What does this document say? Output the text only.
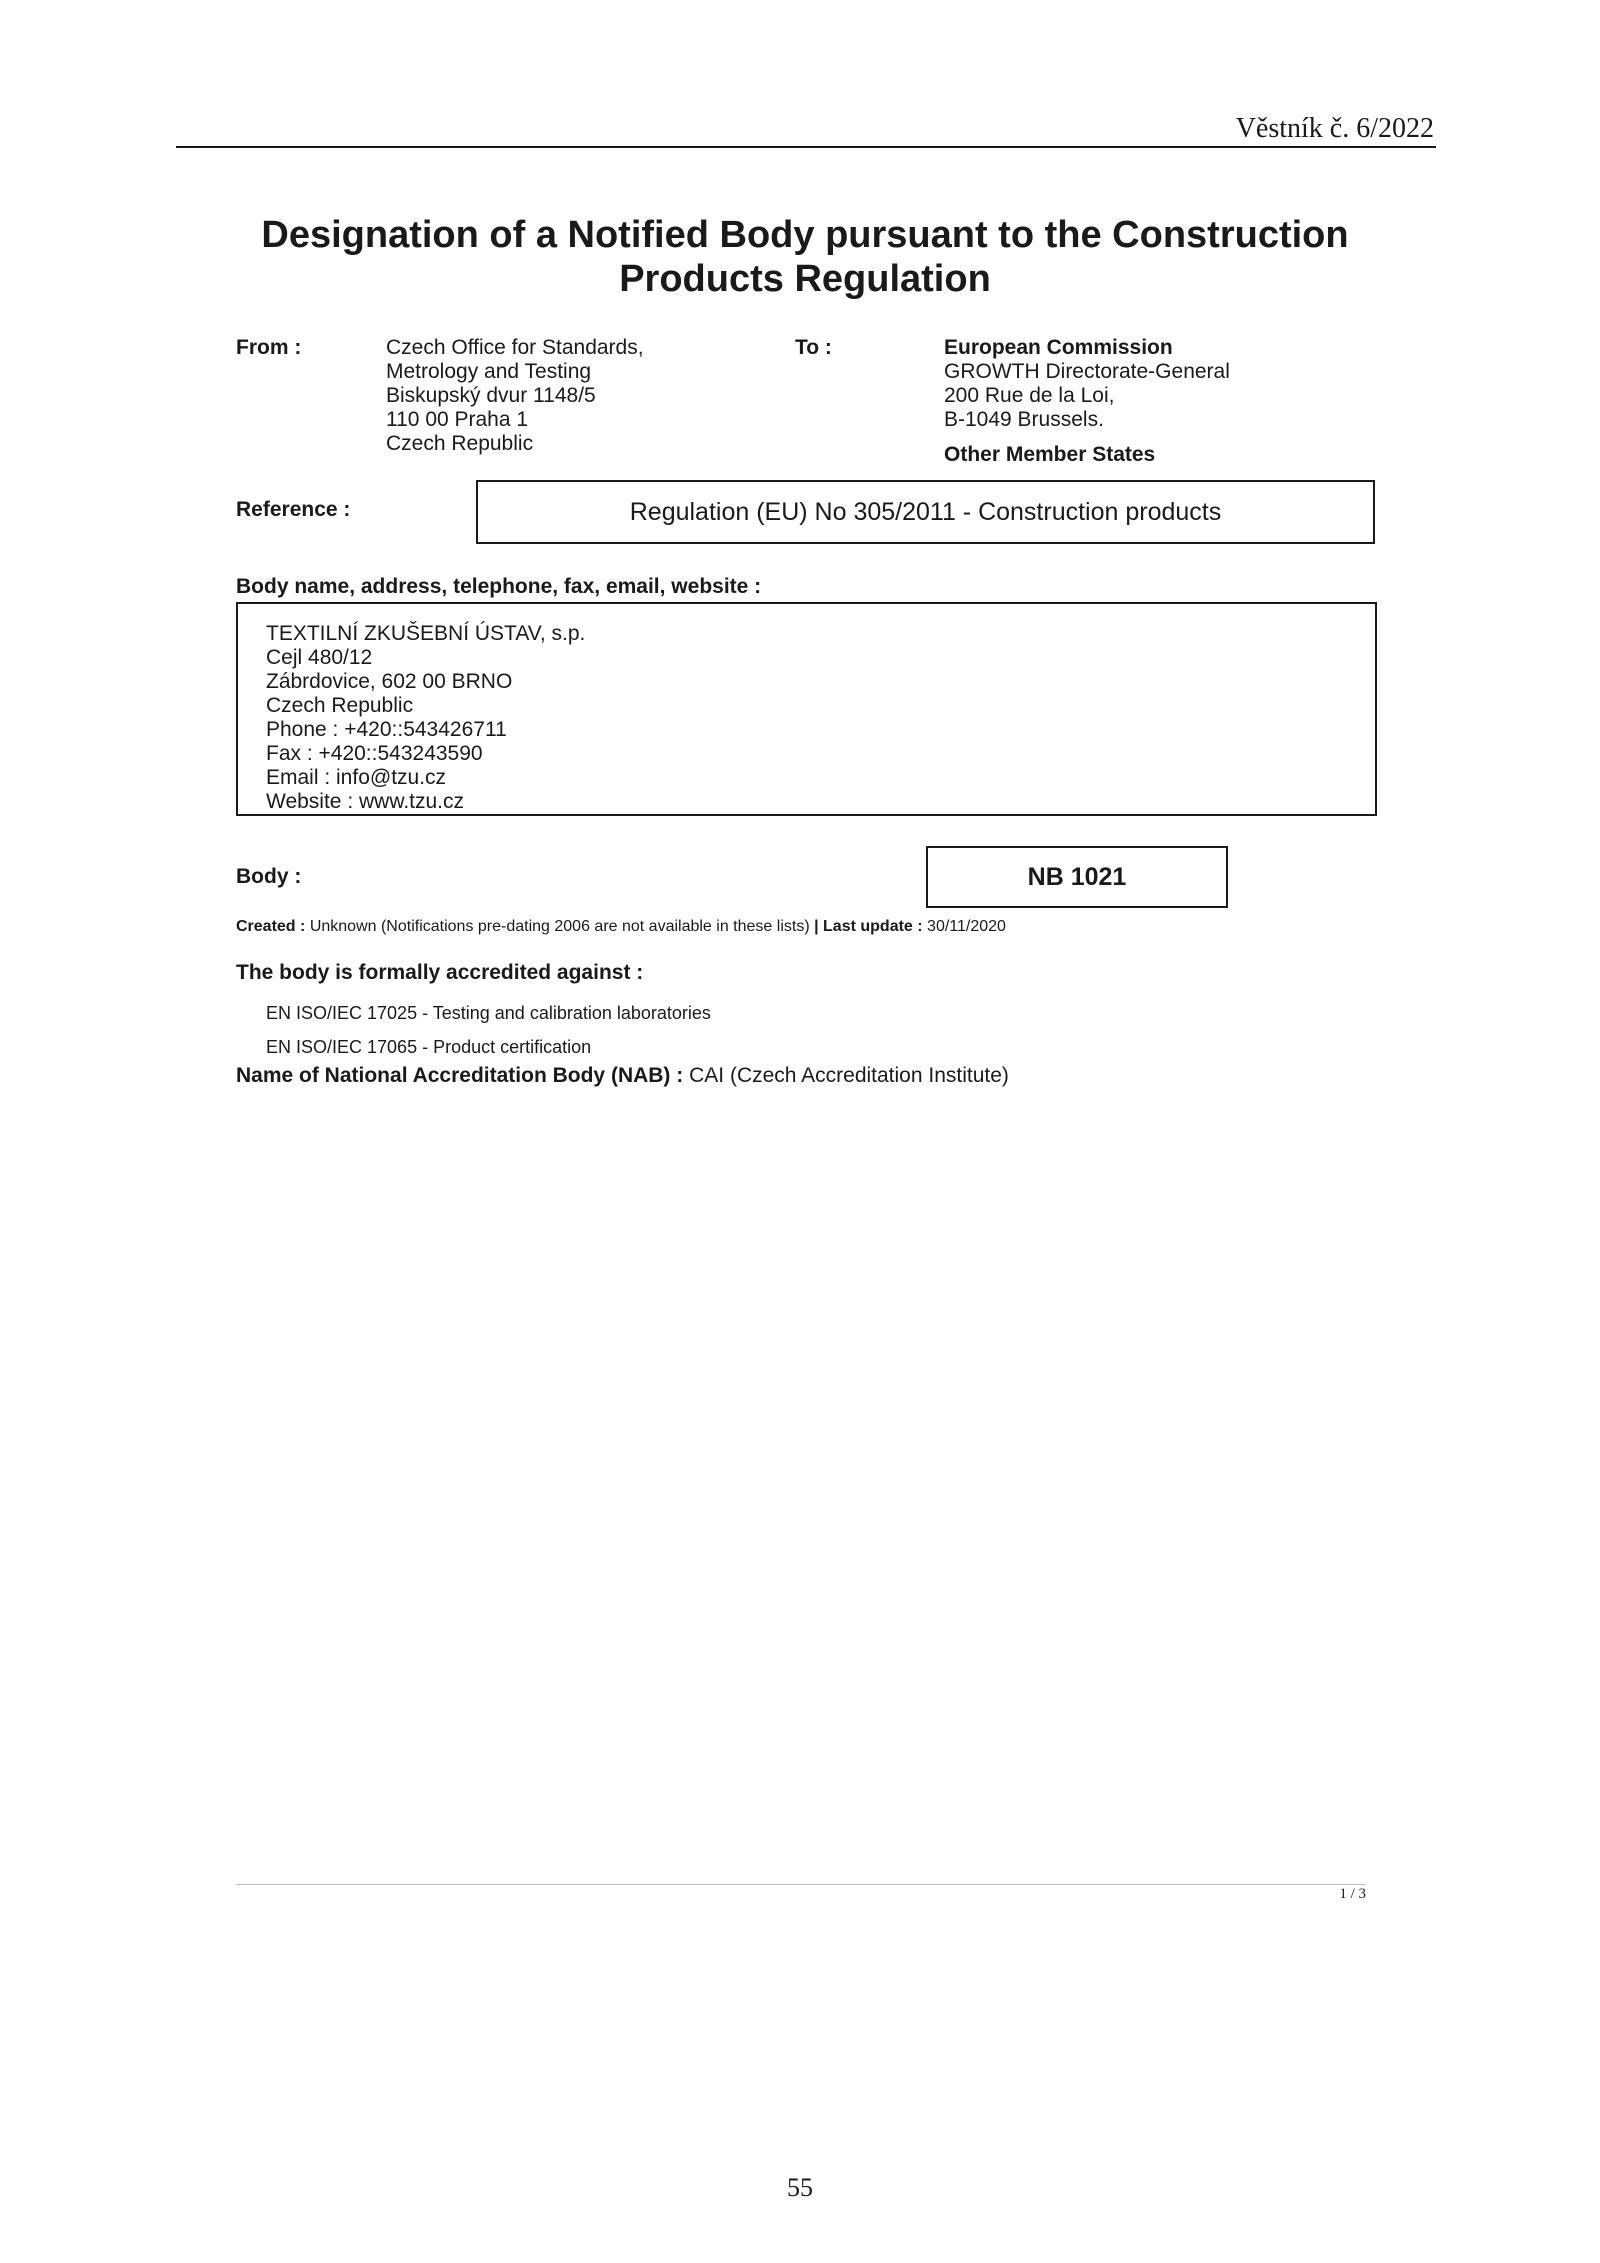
Věstník č. 6/2022
Designation of a Notified Body pursuant to the Construction Products Regulation
From :	Czech Office for Standards,
Metrology and Testing
Biskupský dvur 1148/5
110 00 Praha 1
Czech Republic
To :	European Commission
GROWTH Directorate-General
200 Rue de la Loi,
B-1049 Brussels.
Other Member States
Reference :	Regulation (EU) No 305/2011 - Construction products
Body name, address, telephone, fax, email, website :
TEXTILNÍ ZKUŠEBNÍ ÚSTAV, s.p.
Cejl 480/12
Zábrdovice, 602 00 BRNO
Czech Republic
Phone : +420::543426711
Fax : +420::543243590
Email : info@tzu.cz
Website : www.tzu.cz
Body :	NB 1021
Created : Unknown (Notifications pre-dating 2006 are not available in these lists) | Last update : 30/11/2020
The body is formally accredited against :
EN ISO/IEC 17025 - Testing and calibration laboratories
EN ISO/IEC 17065 - Product certification
Name of National Accreditation Body (NAB) : CAI (Czech Accreditation Institute)
1 / 3
55
